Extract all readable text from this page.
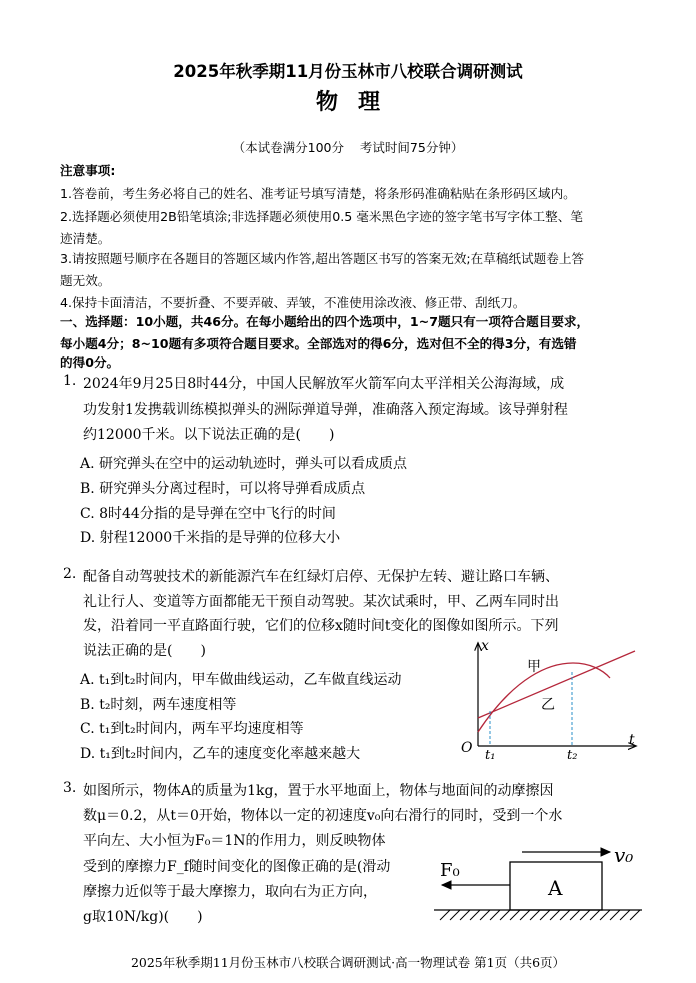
2025年秋季期11月份玉林市八校联合调研测试
物理
（本试卷满分100分    考试时间75分钟）
注意事项:
1.答卷前，考生务必将自己的姓名、准考证号填写清楚，将条形码准确粘贴在条形码区域内。
2.选择题必须使用2B铅笔填涂;非选择题必须使用0.5 毫米黑色字迹的签字笔书写字体工整、笔
迹清楚。
3.请按照题号顺序在各题目的答题区域内作答,超出答题区书写的答案无效;在草稿纸试题卷上答
题无效。
4.保持卡面清洁，不要折叠、不要弄破、弄皱，不准使用涂改液、修正带、刮纸刀。
一、选择题：10小题，共46分。在每小题给出的四个选项中，1~7题只有一项符合题目要求，
每小题4分；8~10题有多项符合题目要求。全部选对的得6分，选对但不全的得3分，有选错
的得0分。
1. 2024年9月25日8时44分，中国人民解放军火箭军向太平洋相关公海海域，成
功发射1发携载训练模拟弹头的洲际弹道导弹，准确落入预定海域。该导弹射程
约12000千米。以下说法正确的是(　　)
A. 研究弹头在空中的运动轨迹时，弹头可以看成质点
B. 研究弹头分离过程时，可以将导弹看成质点
C. 8时44分指的是导弹在空中飞行的时间
D. 射程12000千米指的是导弹的位移大小
2. 配备自动驾驶技术的新能源汽车在红绿灯启停、无保护左转、避让路口车辆、
礼让行人、变道等方面都能无干预自动驾驶。某次试乘时，甲、乙两车同时出
发，沿着同一平直路面行驶，它们的位移x随时间t变化的图像如图所示。下列
说法正确的是(　　)
A. t₁到t₂时间内，甲车做曲线运动，乙车做直线运动
B. t₂时刻，两车速度相等
C. t₁到t₂时间内，两车平均速度相等
D. t₁到t₂时间内，乙车的速度变化率越来越大
x
t
O t₁	t₂
甲
乙
3. 如图所示，物体A的质量为1kg，置于水平地面上，物体与地面间的动摩擦因
数μ＝0.2，从t＝0开始，物体以一定的初速度v₀向右滑行的同时，受到一个水
平向左、大小恒为F₀＝1N的作用力，则反映物体
受到的摩擦力F_f随时间变化的图像正确的是(滑动
摩擦力近似等于最大摩擦力，取向右为正方向，
g取10N/kg)(　　)
v₀
A
F₀
2025年秋季期11月份玉林市八校联合调研测试·高一物理试卷 第1页（共6页）
